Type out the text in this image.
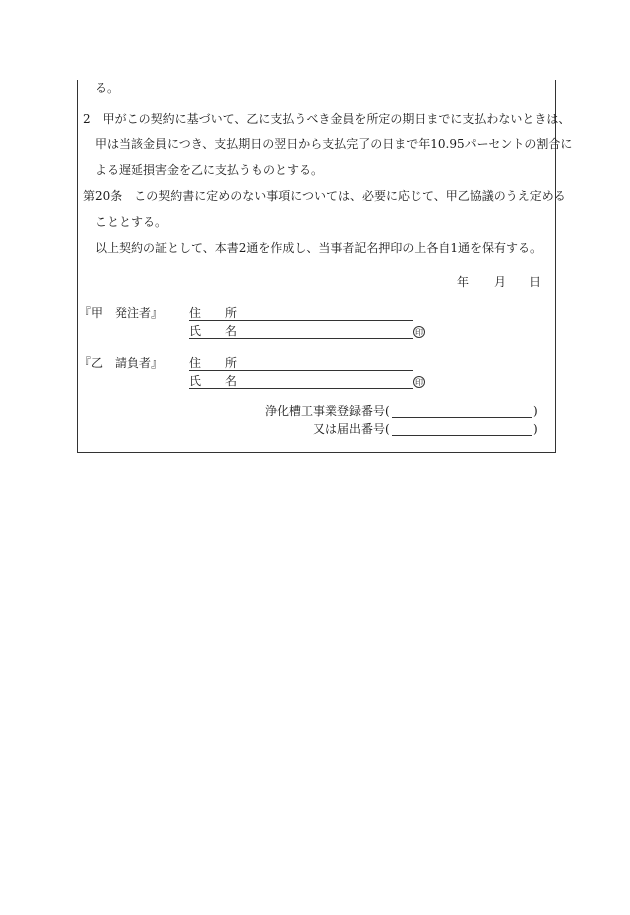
る。
2　甲がこの契約に基づいて、乙に支払うべき金員を所定の期日までに支払わないときは、
甲は当該金員につき、支払期日の翌日から支払完了の日まで年10.95パーセントの割合に
よる遅延損害金を乙に支払うものとする。
第20条　この契約書に定めのない事項については、必要に応じて、甲乙協議のうえ定める
こととする。
以上契約の証として、本書2通を作成し、当事者記名押印の上各自1通を保有する。
年 月 日
『甲　発注者』 住　　所
氏　　名	印
『乙　請負者』 住　　所
氏　　名	印
浄化槽工事業登録番号 (	)
又は届出番号 (	)
